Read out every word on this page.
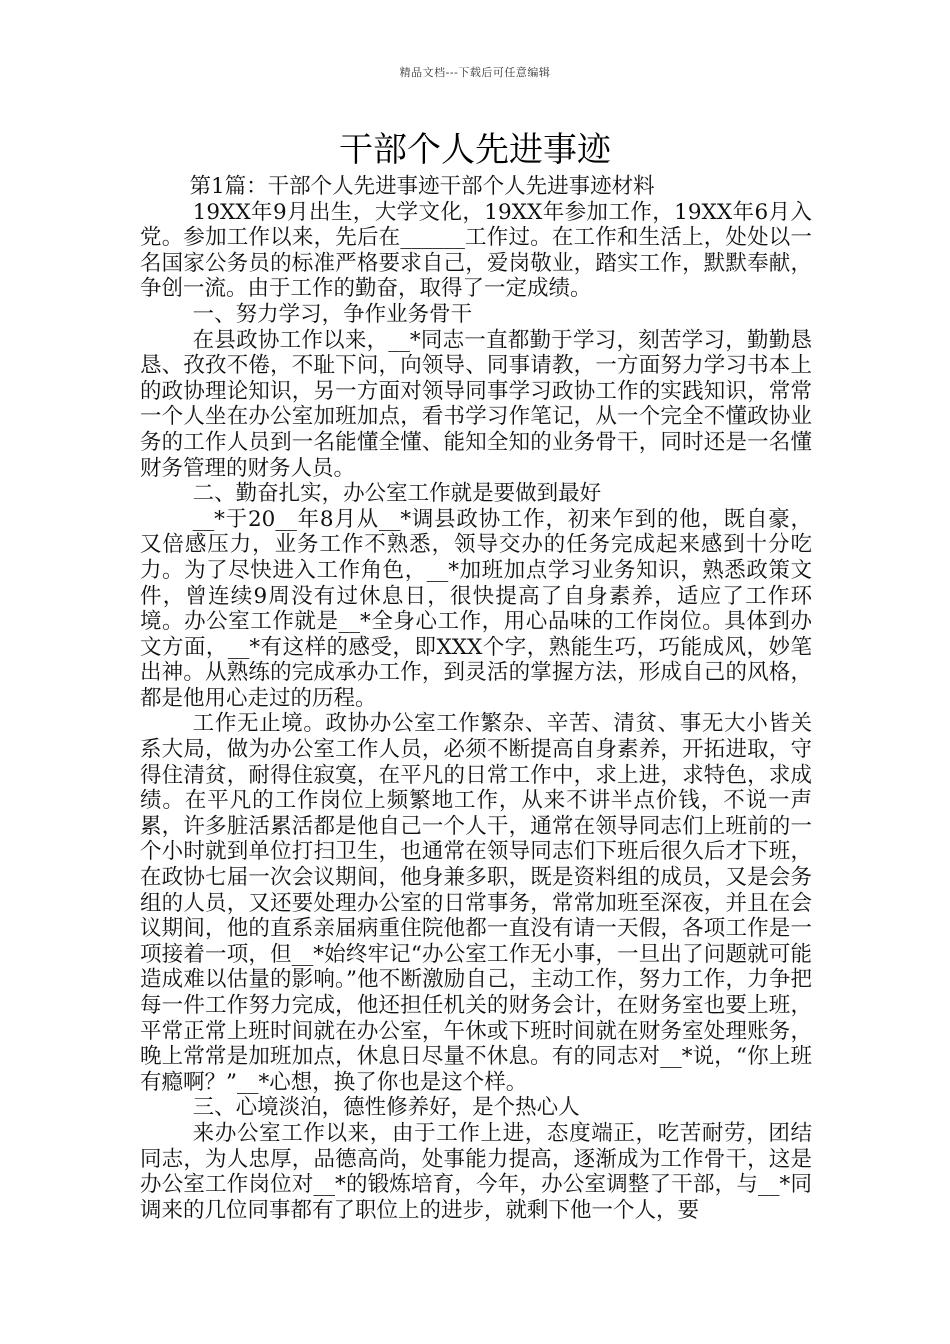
精品文档---下载后可任意编辑
干部个人先进事迹

第1篇：干部个人先进事迹干部个人先进事迹材料

19XX年9月出生，大学文化，19XX年参加工作，19XX年6月入党。参加工作以来，先后在______工作过。在工作和生活上，处处以一名国家公务员的标准严格要求自己，爱岗敬业，踏实工作，默默奉献，争创一流。由于工作的勤奋，取得了一定成绩。

一、努力学习，争作业务骨干

在县政协工作以来，__*同志一直都勤于学习，刻苦学习，勤勤恳恳、孜孜不倦，不耻下问，向领导、同事请教，一方面努力学习书本上的政协理论知识，另一方面对领导同事学习政协工作的实践知识，常常一个人坐在办公室加班加点，看书学习作笔记，从一个完全不懂政协业务的工作人员到一名能懂全懂、能知全知的业务骨干，同时还是一名懂财务管理的财务人员。

二、勤奋扎实，办公室工作就是要做到最好

__*于20__年8月从__*调县政协工作，初来乍到的他，既自豪，又倍感压力，业务工作不熟悉，领导交办的任务完成起来感到十分吃力。为了尽快进入工作角色，__*加班加点学习业务知识，熟悉政策文件，曾连续9周没有过休息日，很快提高了自身素养，适应了工作环境。办公室工作就是__*全身心工作，用心品味的工作岗位。具体到办文方面，__*有这样的感受，即XXX个字，熟能生巧，巧能成风，妙笔出神。从熟练的完成承办工作，到灵活的掌握方法，形成自己的风格，都是他用心走过的历程。

工作无止境。政协办公室工作繁杂、辛苦、清贫、事无大小皆关系大局，做为办公室工作人员，必须不断提高自身素养，开拓进取，守得住清贫，耐得住寂寞，在平凡的日常工作中，求上进，求特色，求成绩。在平凡的工作岗位上频繁地工作，从来不讲半点价钱，不说一声累，许多脏活累活都是他自己一个人干，通常在领导同志们上班前的一个小时就到单位打扫卫生，也通常在领导同志们下班后很久后才下班，在政协七届一次会议期间，他身兼多职，既是资料组的成员，又是会务组的人员，又还要处理办公室的日常事务，常常加班至深夜，并且在会议期间，他的直系亲届病重住院他都一直没有请一天假，各项工作是一项接着一项，但__*始终牢记“办公室工作无小事，一旦出了问题就可能造成难以估量的影响。”他不断激励自己，主动工作，努力工作，力争把每一件工作努力完成，他还担任机关的财务会计，在财务室也要上班，平常正常上班时间就在办公室，午休或下班时间就在财务室处理账务，晚上常常是加班加点，休息日尽量不休息。有的同志对__*说，“你上班有瘾啊？”__*心想，换了你也是这个样。

三、心境淡泊，德性修养好，是个热心人

来办公室工作以来，由于工作上进，态度端正，吃苦耐劳，团结同志，为人忠厚，品德高尚，处事能力提高，逐渐成为工作骨干，这是办公室工作岗位对__*的锻炼培育，今年，办公室调整了干部，与__*同调来的几位同事都有了职位上的进步，就剩下他一个人，要
